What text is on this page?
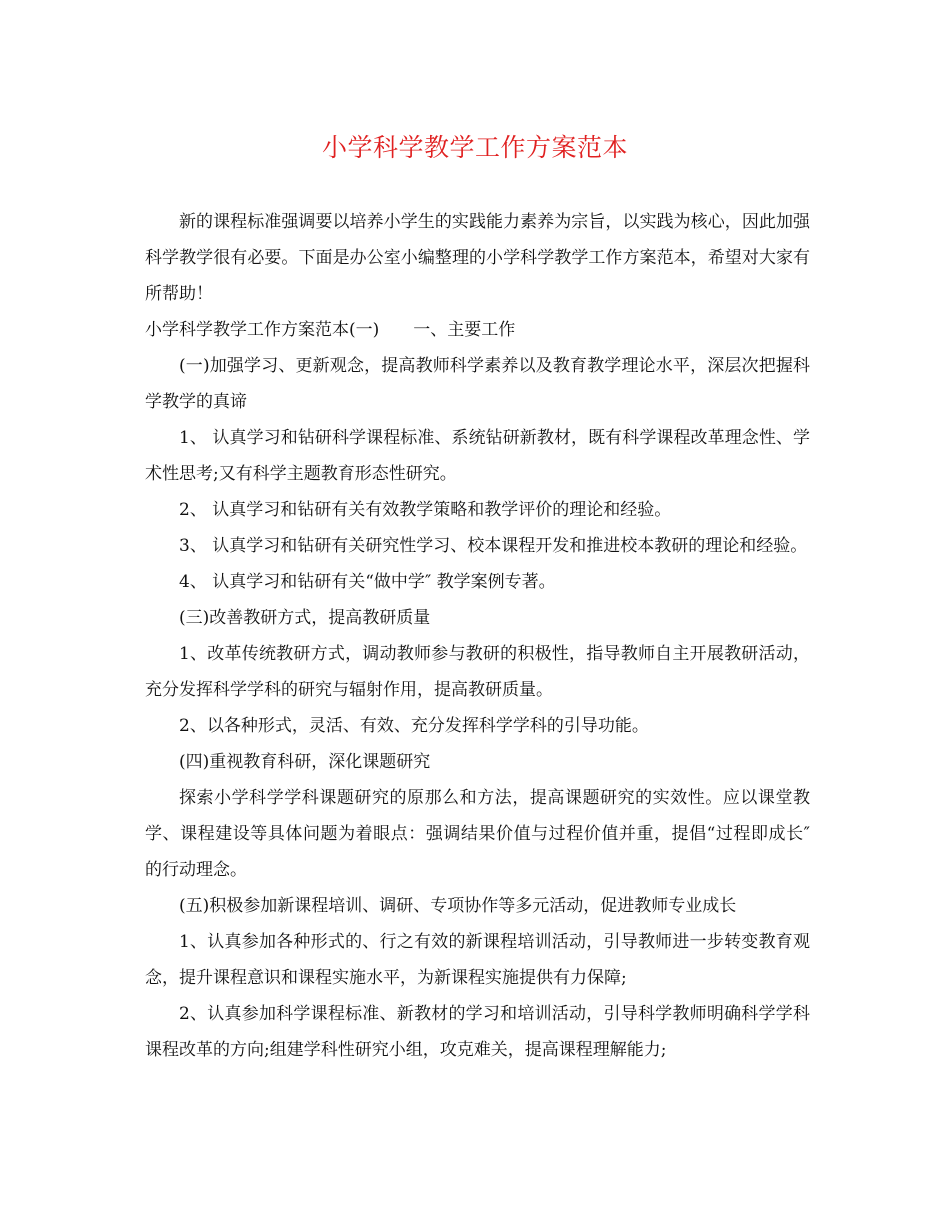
小学科学教学工作方案范本

新的课程标准强调要以培养小学生的实践能力素养为宗旨，以实践为核心，因此加强科学教学很有必要。下面是办公室小编整理的小学科学教学工作方案范本，希望对大家有所帮助！

小学科学教学工作方案范本(一)　　一、主要工作

(一)加强学习、更新观念，提高教师科学素养以及教育教学理论水平，深层次把握科学教学的真谛

1、 认真学习和钻研科学课程标准、系统钻研新教材，既有科学课程改革理念性、学术性思考;又有科学主题教育形态性研究。

2、 认真学习和钻研有关有效教学策略和教学评价的理论和经验。

3、 认真学习和钻研有关研究性学习、校本课程开发和推进校本教研的理论和经验。

4、 认真学习和钻研有关“做中学″ 教学案例专著。

(三)改善教研方式，提高教研质量

1、改革传统教研方式，调动教师参与教研的积极性，指导教师自主开展教研活动，充分发挥科学学科的研究与辐射作用，提高教研质量。

2、以各种形式，灵活、有效、充分发挥科学学科的引导功能。

(四)重视教育科研，深化课题研究

探索小学科学学科课题研究的原那么和方法，提高课题研究的实效性。应以课堂教学、课程建设等具体问题为着眼点：强调结果价值与过程价值并重，提倡“过程即成长″ 的行动理念。

(五)积极参加新课程培训、调研、专项协作等多元活动，促进教师专业成长

1、认真参加各种形式的、行之有效的新课程培训活动，引导教师进一步转变教育观念，提升课程意识和课程实施水平，为新课程实施提供有力保障;

2、认真参加科学课程标准、新教材的学习和培训活动，引导科学教师明确科学学科课程改革的方向;组建学科性研究小组，攻克难关，提高课程理解能力;
